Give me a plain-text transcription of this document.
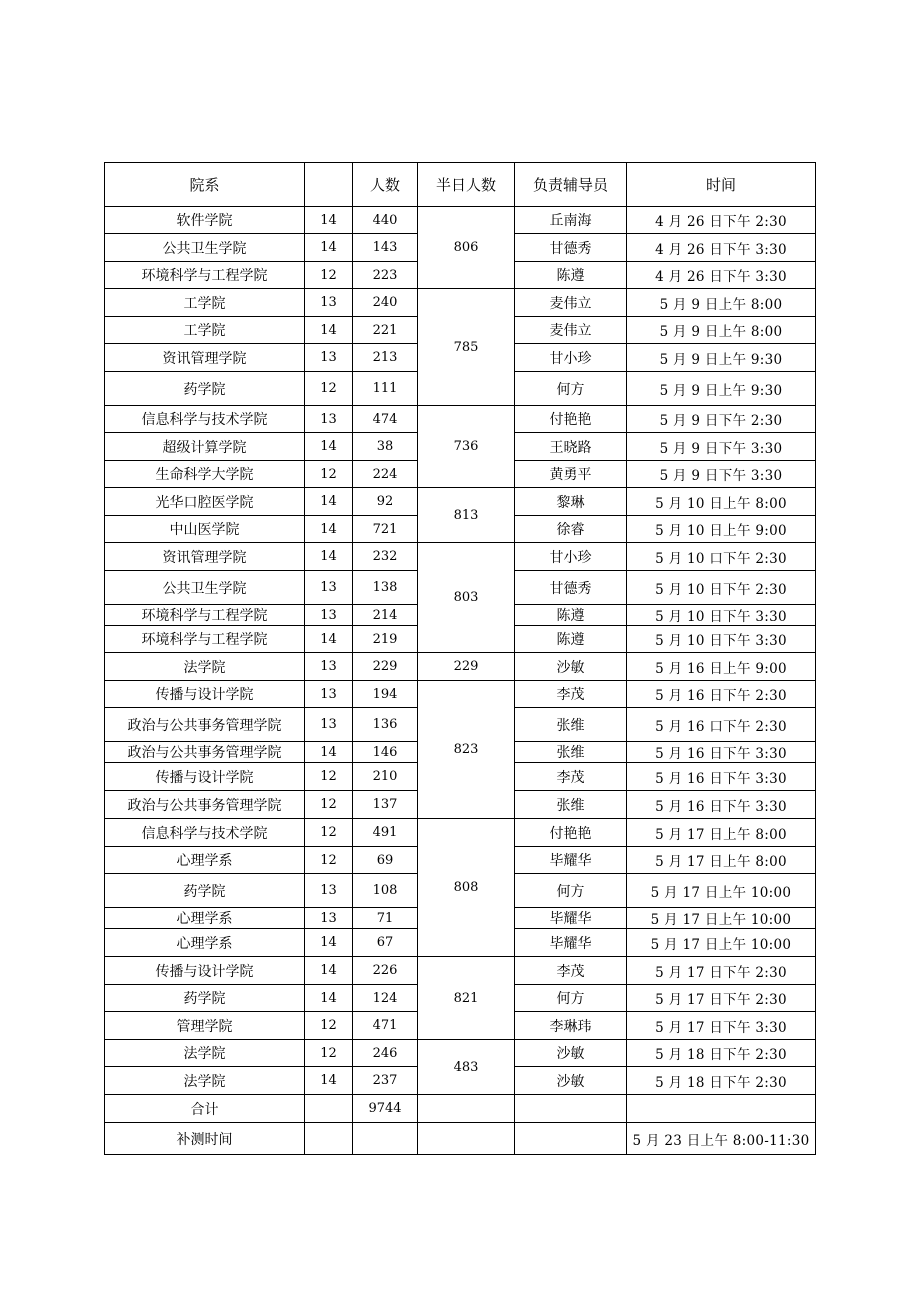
院系		人数	半日人数	负责辅导员	时间
软件学院	14	440	806	丘南海	4 月 26 日下午 2:30
公共卫生学院	14	143		甘德秀	4 月 26 日下午 3:30
环境科学与工程学院	12	223		陈遵	4 月 26 日下午 3:30
工学院	13	240	785	麦伟立	5 月 9 日上午 8:00
工学院	14	221		麦伟立	5 月 9 日上午 8:00
资讯管理学院	13	213		甘小珍	5 月 9 日上午 9:30
药学院	12	111		何方	5 月 9 日上午 9:30
信息科学与技术学院	13	474	736	付艳艳	5 月 9 日下午 2:30
超级计算学院	14	38		王晓路	5 月 9 日下午 3:30
生命科学大学院	12	224		黄勇平	5 月 9 日下午 3:30
光华口腔医学院	14	92	813	黎琳	5 月 10 日上午 8:00
中山医学院	14	721		徐睿	5 月 10 日上午 9:00
资讯管理学院	14	232	803	甘小珍	5 月 10 口下午 2:30
公共卫生学院	13	138		甘德秀	5 月 10 日下午 2:30
环境科学与工程学院	13	214		陈遵	5 月 10 日下午 3:30
环境科学与工程学院	14	219		陈遵	5 月 10 日下午 3:30
法学院	13	229	229	沙敏	5 月 16 日上午 9:00
传播与设计学院	13	194	823	李茂	5 月 16 日下午 2:30
政治与公共事务管理学院	13	136		张维	5 月 16 口下午 2:30
政治与公共事务管理学院	14	146		张维	5 月 16 日下午 3:30
传播与设计学院	12	210		李茂	5 月 16 日下午 3:30
政治与公共事务管理学院	12	137		张维	5 月 16 日下午 3:30
信息科学与技术学院	12	491	808	付艳艳	5 月 17 日上午 8:00
心理学系	12	69		毕耀华	5 月 17 日上午 8:00
药学院	13	108		何方	5 月 17 日上午 10:00
心理学系	13	71		毕耀华	5 月 17 日上午 10:00
心理学系	14	67		毕耀华	5 月 17 日上午 10:00
传播与设计学院	14	226	821	李茂	5 月 17 日下午 2:30
药学院	14	124		何方	5 月 17 日下午 2:30
管理学院	12	471		李琳玮	5 月 17 日下午 3:30
法学院	12	246	483	沙敏	5 月 18 日下午 2:30
法学院	14	237		沙敏	5 月 18 日下午 2:30
合计		9744			
补测时间					5 月 23 日上午 8:00-11:30
